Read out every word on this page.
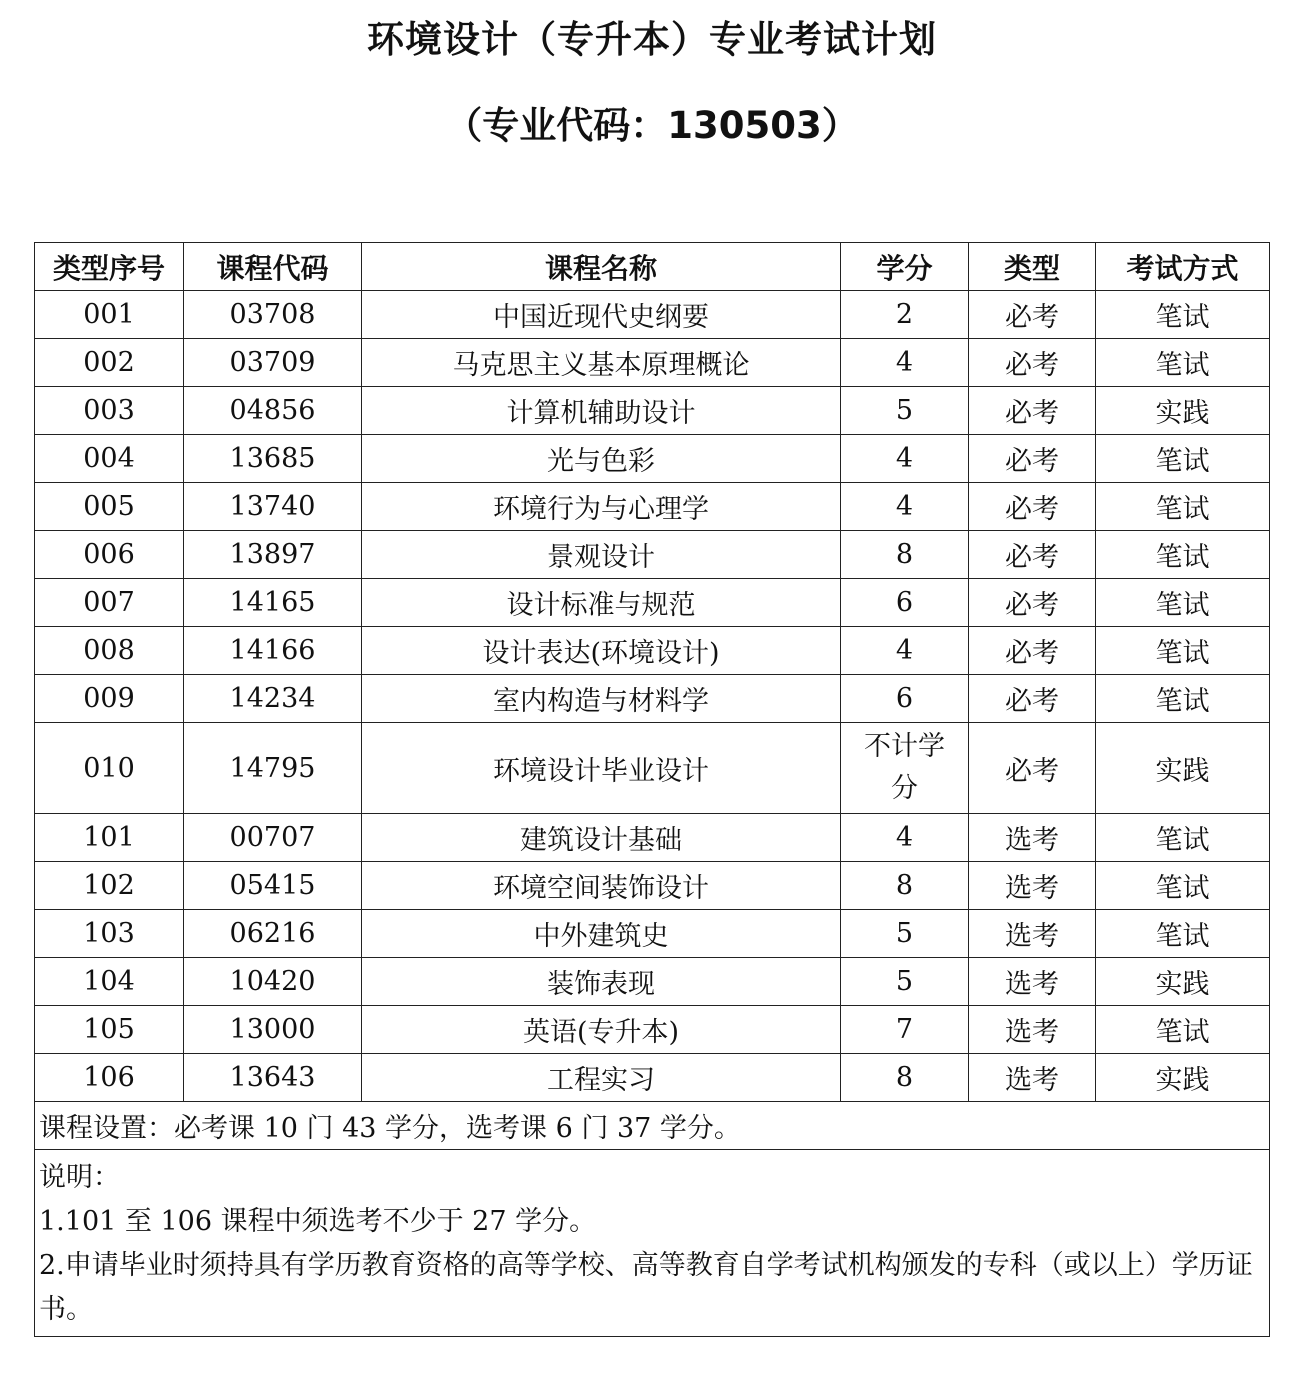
环境设计（专升本）专业考试计划
（专业代码：130503）
类型序号	课程代码	课程名称	学分	类型	考试方式
001	03708	中国近现代史纲要	2	必考	笔试
002	03709	马克思主义基本原理概论	4	必考	笔试
003	04856	计算机辅助设计	5	必考	实践
004	13685	光与色彩	4	必考	笔试
005	13740	环境行为与心理学	4	必考	笔试
006	13897	景观设计	8	必考	笔试
007	14165	设计标准与规范	6	必考	笔试
008	14166	设计表达(环境设计)	4	必考	笔试
009	14234	室内构造与材料学	6	必考	笔试
010	14795	环境设计毕业设计	不计学分	必考	实践
101	00707	建筑设计基础	4	选考	笔试
102	05415	环境空间装饰设计	8	选考	笔试
103	06216	中外建筑史	5	选考	笔试
104	10420	装饰表现	5	选考	实践
105	13000	英语(专升本)	7	选考	笔试
106	13643	工程实习	8	选考	实践
课程设置：必考课 10 门 43 学分，选考课 6 门 37 学分。					

说明：
1.101 至 106 课程中须选考不少于 27 学分。
2.申请毕业时须持具有学历教育资格的高等学校、高等教育自学考试机构颁发的专科（或以上）学历证书。					
